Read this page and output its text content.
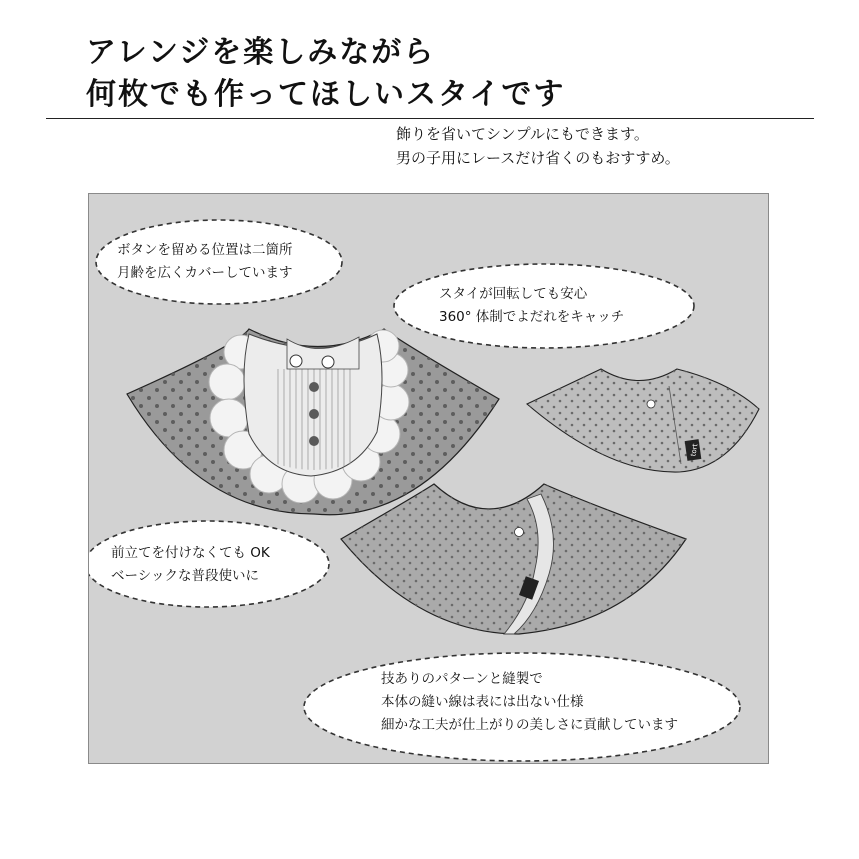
アレンジを楽しみながら
何枚でも作ってほしいスタイです
飾りを省いてシンプルにもできます。
男の子用にレースだけ省くのもおすすめ。
tort
ボタンを留める位置は二箇所
月齢を広くカバーしています
スタイが回転しても安心
360° 体制でよだれをキャッチ
前立てを付けなくても OK
ベーシックな普段使いに
技ありのパターンと縫製で
本体の縫い線は表には出ない仕様
細かな工夫が仕上がりの美しさに貢献しています
